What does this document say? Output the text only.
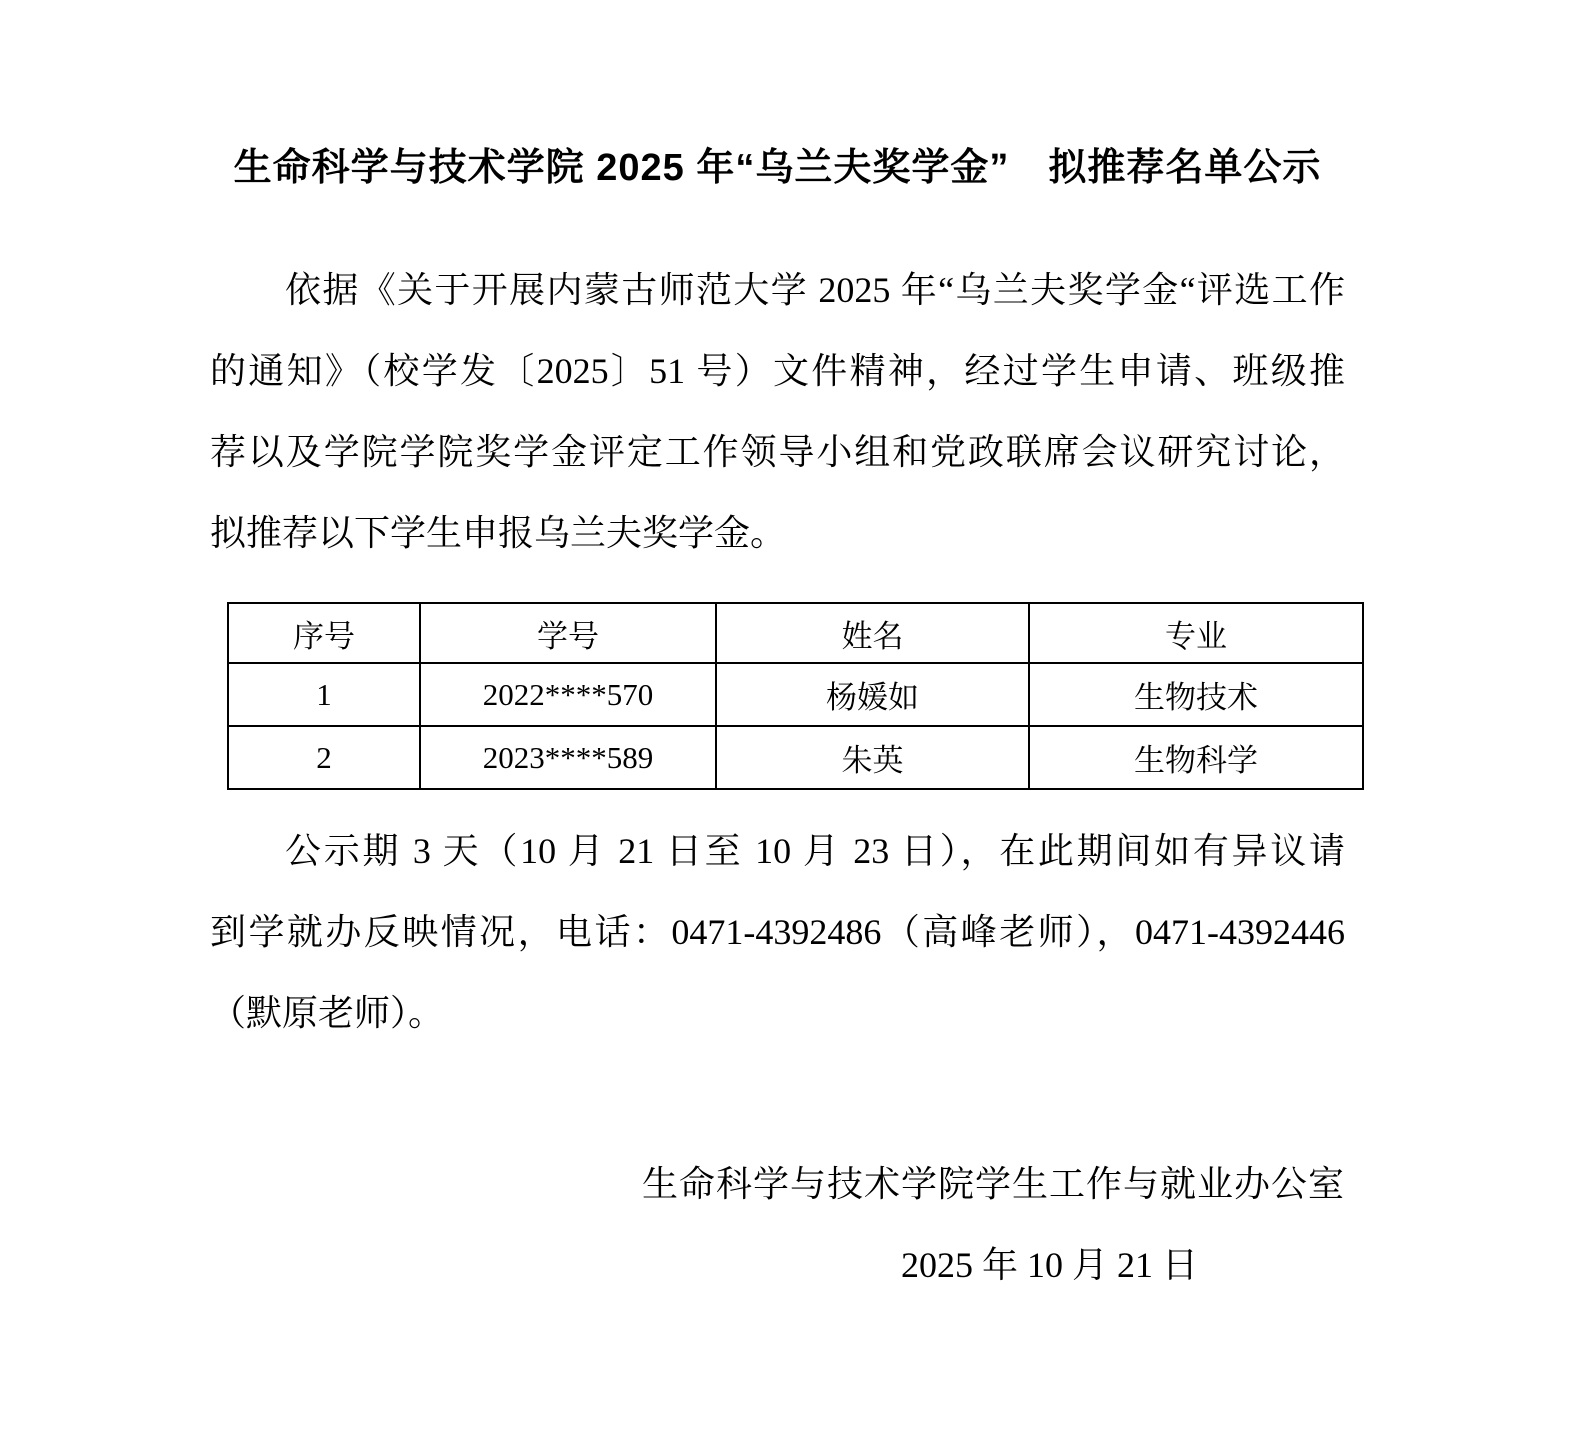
生命科学与技术学院 2025 年“乌兰夫奖学金”　拟推荐名单公示
依据《关于开展内蒙古师范大学 2025 年“乌兰夫奖学金“评选工作
的通知》（校学发〔2025〕51 号）文件精神，经过学生申请、班级推
荐以及学院学院奖学金评定工作领导小组和党政联席会议研究讨论，
拟推荐以下学生申报乌兰夫奖学金。
序号	学号	姓名	专业
1	2022****570	杨媛如	生物技术
2	2023****589	朱英	生物科学
公示期 3 天（10 月 21 日至 10 月 23 日），在此期间如有异议请
到学就办反映情况，电话：0471-4392486（高峰老师），0471-4392446
（默原老师）。
生命科学与技术学院学生工作与就业办公室
2025 年 10 月 21 日
